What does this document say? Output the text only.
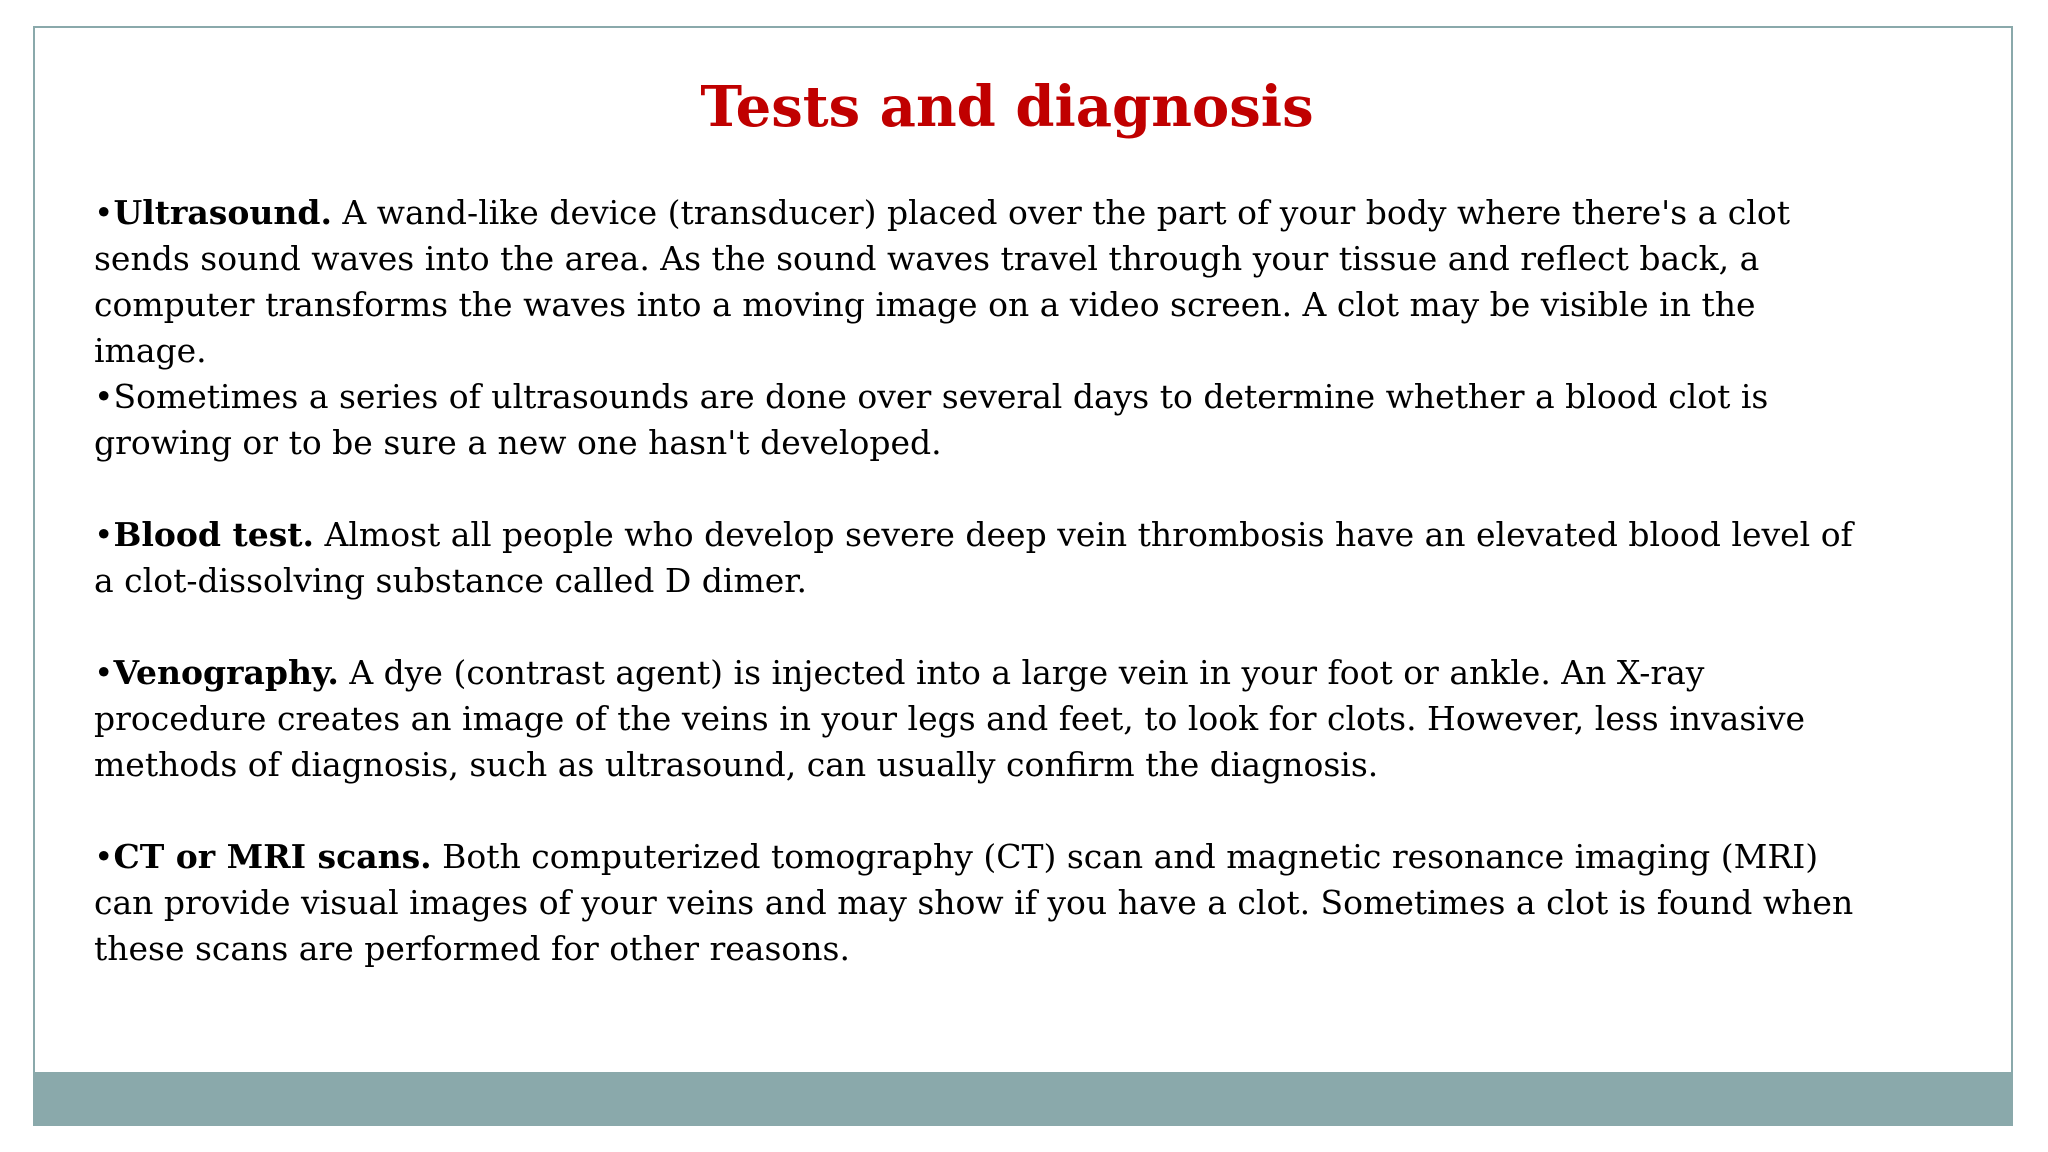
Tests and diagnosis

•Ultrasound. A wand-like device (transducer) placed over the part of your body where there's a clot sends sound waves into the area. As the sound waves travel through your tissue and reflect back, a computer transforms the waves into a moving image on a video screen. A clot may be visible in the image.

•Sometimes a series of ultrasounds are done over several days to determine whether a blood clot is growing or to be sure a new one hasn't developed.

•Blood test. Almost all people who develop severe deep vein thrombosis have an elevated blood level of a clot-dissolving substance called D dimer.

•Venography. A dye (contrast agent) is injected into a large vein in your foot or ankle. An X-ray procedure creates an image of the veins in your legs and feet, to look for clots. However, less invasive methods of diagnosis, such as ultrasound, can usually confirm the diagnosis.

•CT or MRI scans. Both computerized tomography (CT) scan and magnetic resonance imaging (MRI) can provide visual images of your veins and may show if you have a clot. Sometimes a clot is found when these scans are performed for other reasons.
